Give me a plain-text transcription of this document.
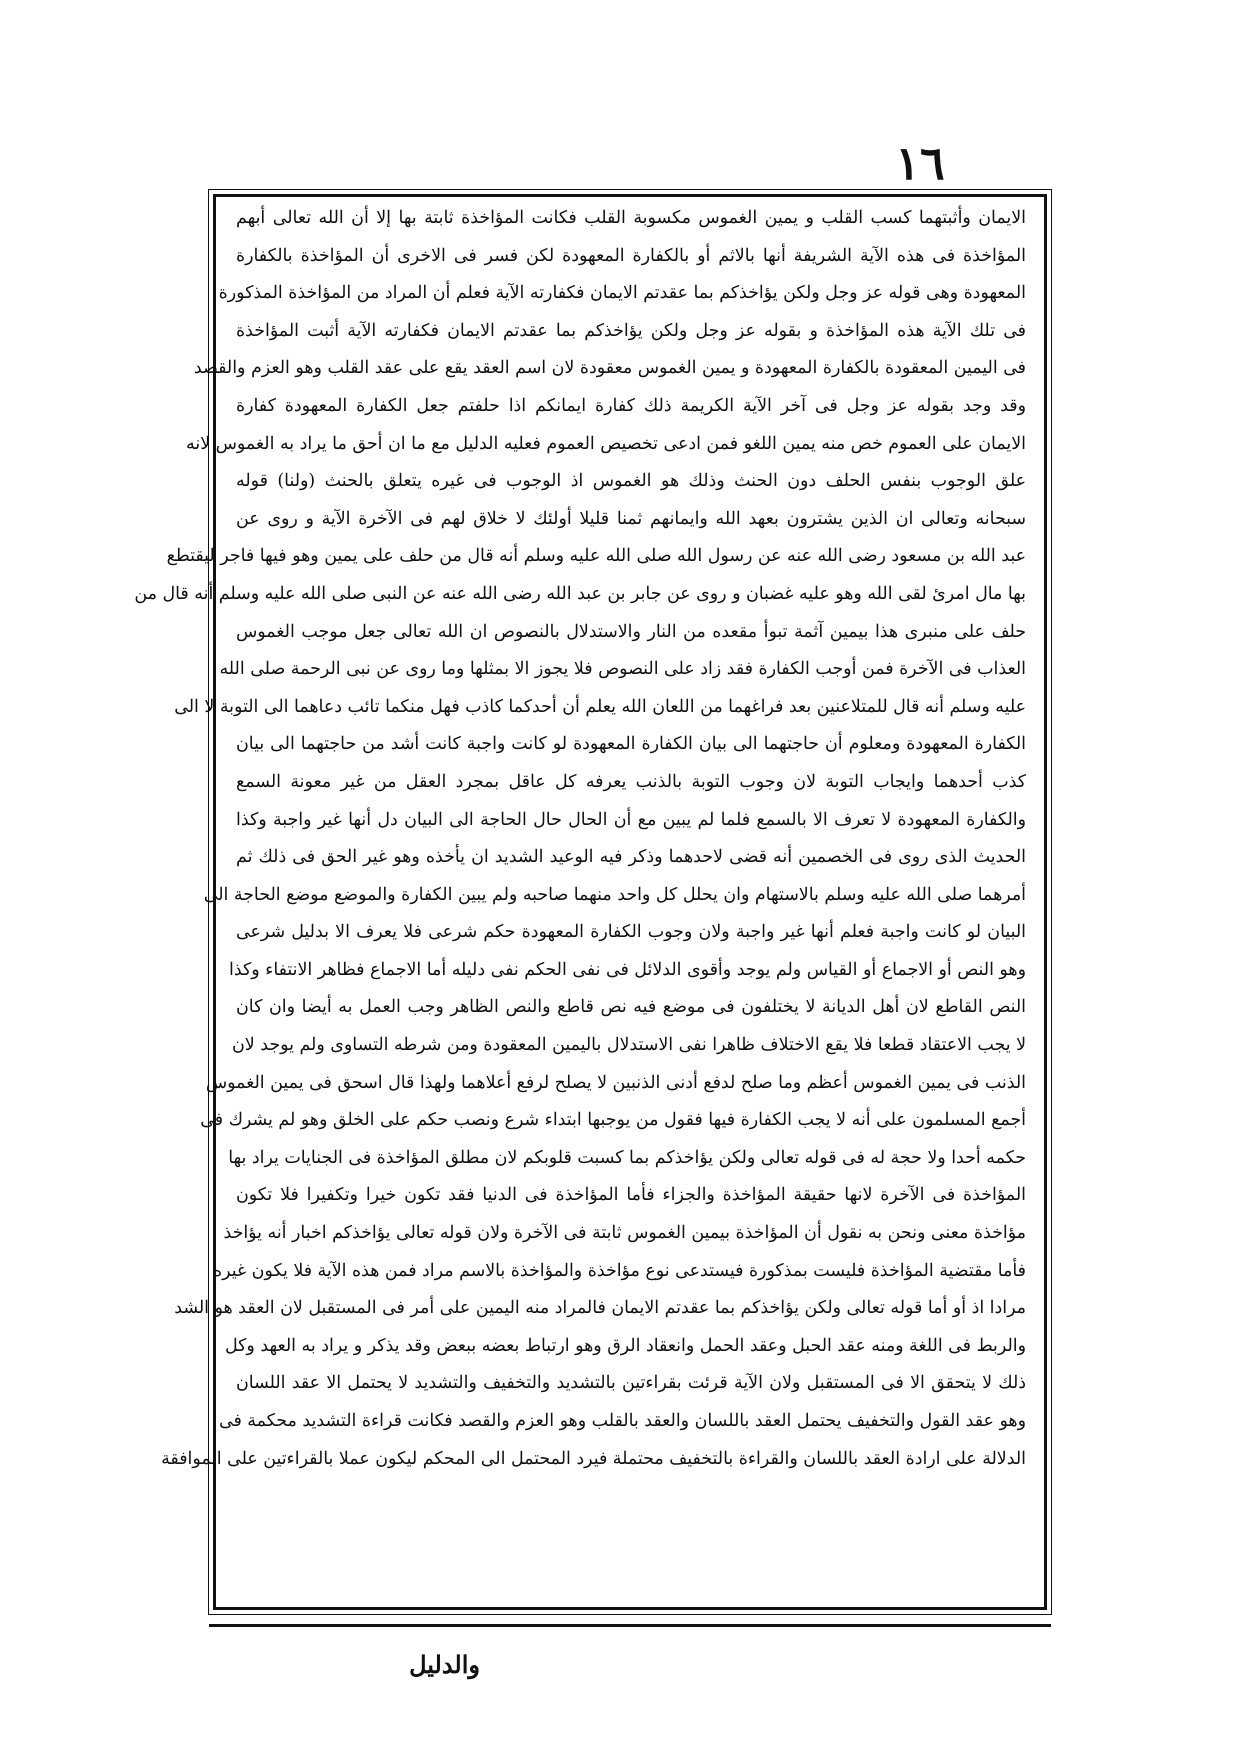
١٦
الايمان وأثبتهما كسب القلب و يمين الغموس مكسوبة القلب فكانت المؤاخذة ثابتة بها إلا أن الله تعالى أبهم
المؤاخذة فى هذه الآية الشريفة أنها بالاثم أو بالكفارة المعهودة لكن فسر فى الاخرى أن المؤاخذة بالكفارة
المعهودة وهى قوله عز وجل ولكن يؤاخذكم بما عقدتم الايمان فكفارته الآية فعلم أن المراد من المؤاخذة المذكورة
فى تلك الآية هذه المؤاخذة و بقوله عز وجل ولكن يؤاخذكم بما عقدتم الايمان فكفارته الآية أثبت المؤاخذة
فى اليمين المعقودة بالكفارة المعهودة و يمين الغموس معقودة لان اسم العقد يقع على عقد القلب وهو العزم والقصد
وقد وجد بقوله عز وجل فى آخر الآية الكريمة ذلك كفارة ايمانكم اذا حلفتم جعل الكفارة المعهودة كفارة
الايمان على العموم خص منه يمين اللغو فمن ادعى تخصيص العموم فعليه الدليل مع ما ان أحق ما يراد به الغموس لانه
علق الوجوب بنفس الحلف دون الحنث وذلك هو الغموس اذ الوجوب فى غيره يتعلق بالحنث (ولنا) قوله
سبحانه وتعالى ان الذين يشترون بعهد الله وايمانهم ثمنا قليلا أولئك لا خلاق لهم فى الآخرة الآية و روى عن
عبد الله بن مسعود رضى الله عنه عن رسول الله صلى الله عليه وسلم أنه قال من حلف على يمين وهو فيها فاجر ليقتطع
بها مال امرئ لقى الله وهو عليه غضبان و روى عن جابر بن عبد الله رضى الله عنه عن النبى صلى الله عليه وسلم أنه قال من
حلف على منبرى هذا بيمين آثمة تبوأ مقعده من النار والاستدلال بالنصوص ان الله تعالى جعل موجب الغموس
العذاب فى الآخرة فمن أوجب الكفارة فقد زاد على النصوص فلا يجوز الا بمثلها وما روى عن نبى الرحمة صلى الله
عليه وسلم أنه قال للمتلاعنين بعد فراغهما من اللعان الله يعلم أن أحدكما كاذب فهل منكما تائب دعاهما الى التوبة لا الى
الكفارة المعهودة ومعلوم أن حاجتهما الى بيان الكفارة المعهودة لو كانت واجبة كانت أشد من حاجتهما الى بيان
كذب أحدهما وايجاب التوبة لان وجوب التوبة بالذنب يعرفه كل عاقل بمجرد العقل من غير معونة السمع
والكفارة المعهودة لا تعرف الا بالسمع فلما لم يبين مع أن الحال حال الحاجة الى البيان دل أنها غير واجبة وكذا
الحديث الذى روى فى الخصمين أنه قضى لاحدهما وذكر فيه الوعيد الشديد ان يأخذه وهو غير الحق فى ذلك ثم
أمرهما صلى الله عليه وسلم بالاستهام وان يحلل كل واحد منهما صاحبه ولم يبين الكفارة والموضع موضع الحاجة الى
البيان لو كانت واجبة فعلم أنها غير واجبة ولان وجوب الكفارة المعهودة حكم شرعى فلا يعرف الا بدليل شرعى
وهو النص أو الاجماع أو القياس ولم يوجد وأقوى الدلائل فى نفى الحكم نفى دليله أما الاجماع فظاهر الانتفاء وكذا
النص القاطع لان أهل الديانة لا يختلفون فى موضع فيه نص قاطع والنص الظاهر وجب العمل به أيضا وان كان
لا يجب الاعتقاد قطعا فلا يقع الاختلاف ظاهرا نفى الاستدلال باليمين المعقودة ومن شرطه التساوى ولم يوجد لان
الذنب فى يمين الغموس أعظم وما صلح لدفع أدنى الذنبين لا يصلح لرفع أعلاهما ولهذا قال اسحق فى يمين الغموس
أجمع المسلمون على أنه لا يجب الكفارة فيها فقول من يوجبها ابتداء شرع ونصب حكم على الخلق وهو لم يشرك فى
حكمه أحدا ولا حجة له فى قوله تعالى ولكن يؤاخذكم بما كسبت قلوبكم لان مطلق المؤاخذة فى الجنايات يراد بها
المؤاخذة فى الآخرة لانها حقيقة المؤاخذة والجزاء فأما المؤاخذة فى الدنيا فقد تكون خيرا وتكفيرا فلا تكون
مؤاخذة معنى ونحن به نقول أن المؤاخذة بيمين الغموس ثابتة فى الآخرة ولان قوله تعالى يؤاخذكم اخبار أنه يؤاخذ
فأما مقتضية المؤاخذة فليست بمذكورة فيستدعى نوع مؤاخذة والمؤاخذة بالاسم مراد فمن هذه الآية فلا يكون غيره
مرادا اذ أو أما قوله تعالى ولكن يؤاخذكم بما عقدتم الايمان فالمراد منه اليمين على أمر فى المستقبل لان العقد هو الشد
والربط فى اللغة ومنه عقد الحبل وعقد الحمل وانعقاد الرق وهو ارتباط بعضه ببعض وقد يذكر و يراد به العهد وكل
ذلك لا يتحقق الا فى المستقبل ولان الآية قرئت بقراءتين بالتشديد والتخفيف والتشديد لا يحتمل الا عقد اللسان
وهو عقد القول والتخفيف يحتمل العقد باللسان والعقد بالقلب وهو العزم والقصد فكانت قراءة التشديد محكمة فى
الدلالة على ارادة العقد باللسان والقراءة بالتخفيف محتملة فيرد المحتمل الى المحكم ليكون عملا بالقراءتين على الموافقة
والدليل
